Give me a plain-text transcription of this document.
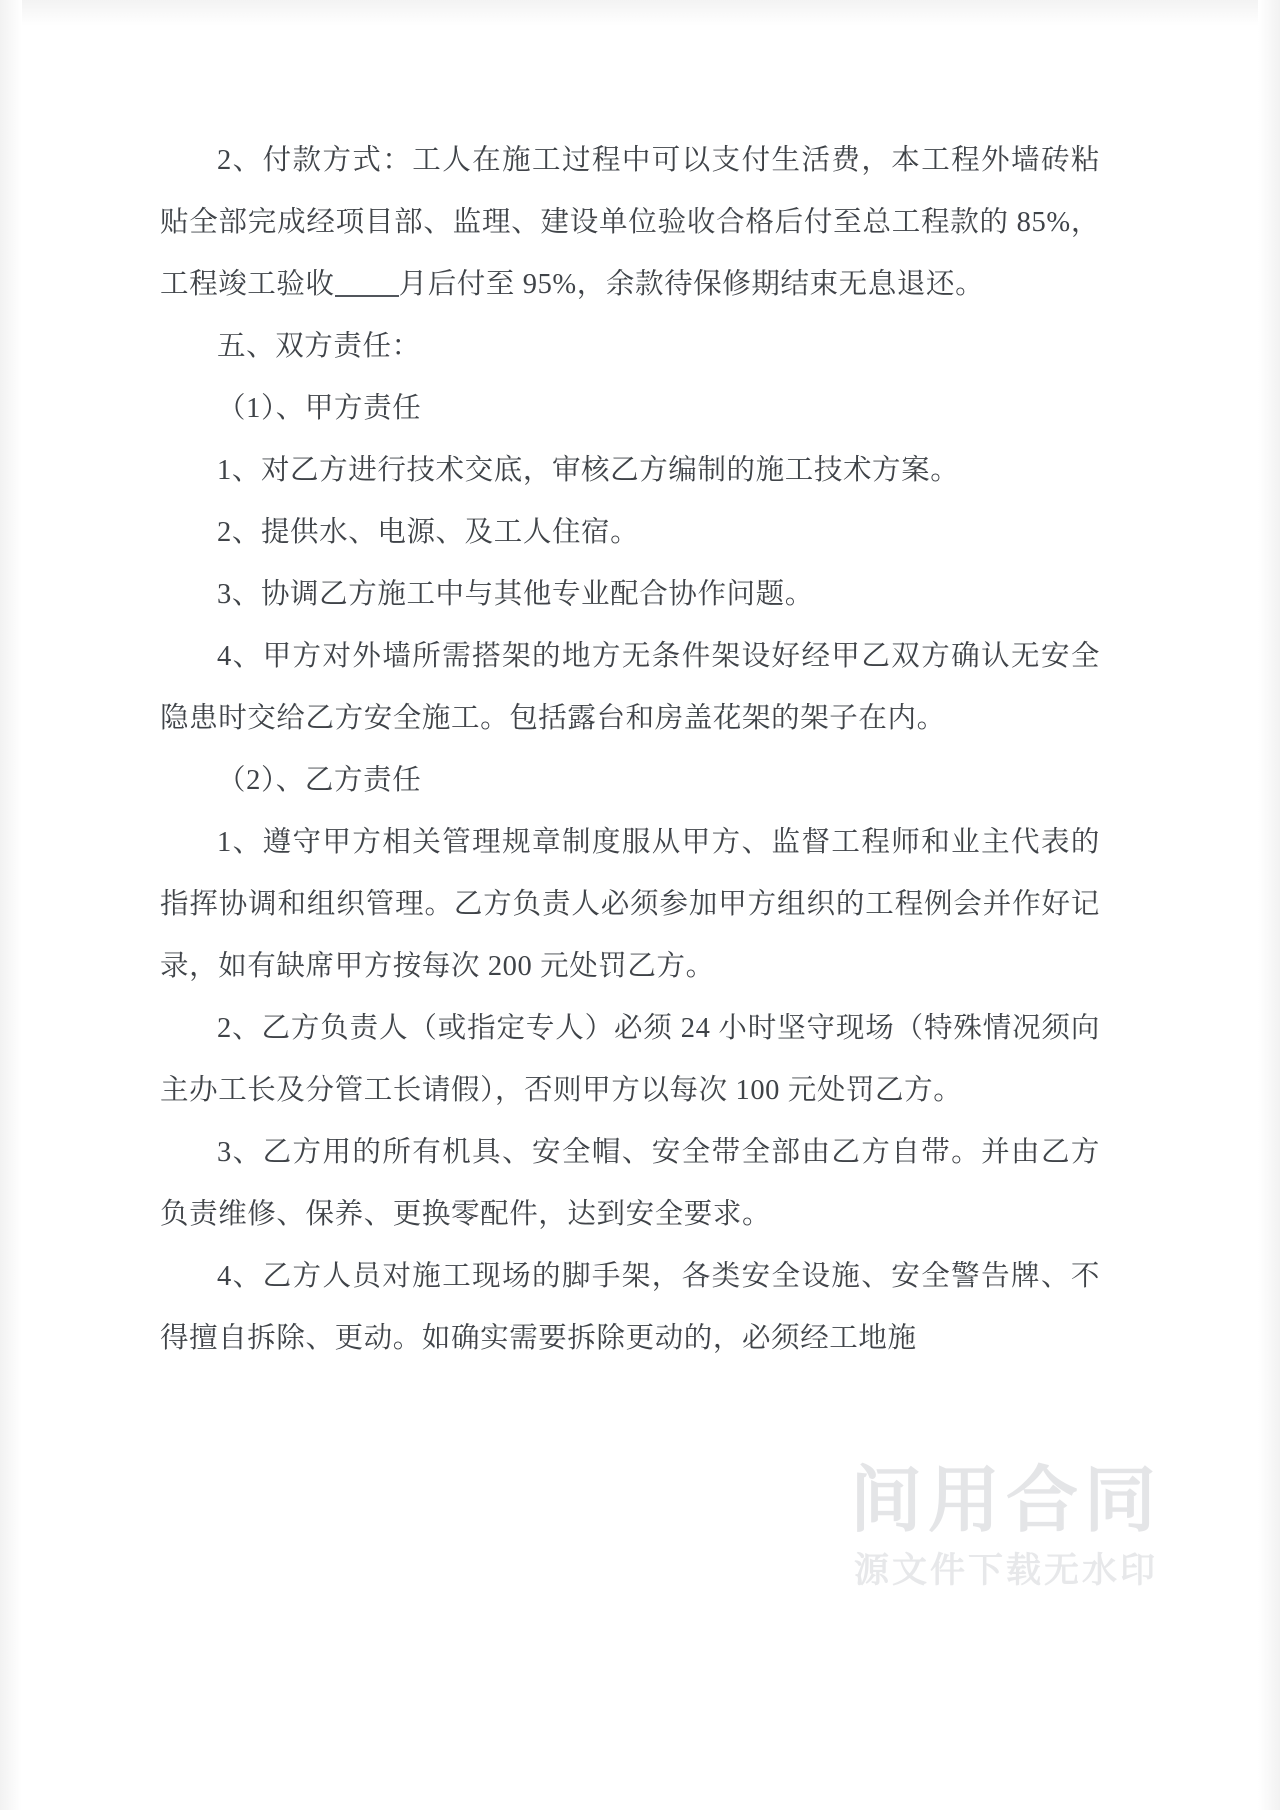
2、付款方式：工人在施工过程中可以支付生活费，本工程外墙砖粘贴全部完成经项目部、监理、建设单位验收合格后付至总工程款的 85%，工程竣工验收 月后付至 95%，余款待保修期结束无息退还。

五、双方责任：

（1）、甲方责任

1、对乙方进行技术交底，审核乙方编制的施工技术方案。

2、提供水、电源、及工人住宿。

3、协调乙方施工中与其他专业配合协作问题。

4、甲方对外墙所需搭架的地方无条件架设好经甲乙双方确认无安全隐患时交给乙方安全施工。包括露台和房盖花架的架子在内。

（2）、乙方责任

1、遵守甲方相关管理规章制度服从甲方、监督工程师和业主代表的指挥协调和组织管理。乙方负责人必须参加甲方组织的工程例会并作好记录，如有缺席甲方按每次 200 元处罚乙方。

2、乙方负责人（或指定专人）必须 24 小时坚守现场（特殊情况须向主办工长及分管工长请假），否则甲方以每次 100 元处罚乙方。

3、乙方用的所有机具、安全帽、安全带全部由乙方自带。并由乙方负责维修、保养、更换零配件，达到安全要求。

4、乙方人员对施工现场的脚手架，各类安全设施、安全警告牌、不得擅自拆除、更动。如确实需要拆除更动的，必须经工地施

间用合同
源文件下载无水印
